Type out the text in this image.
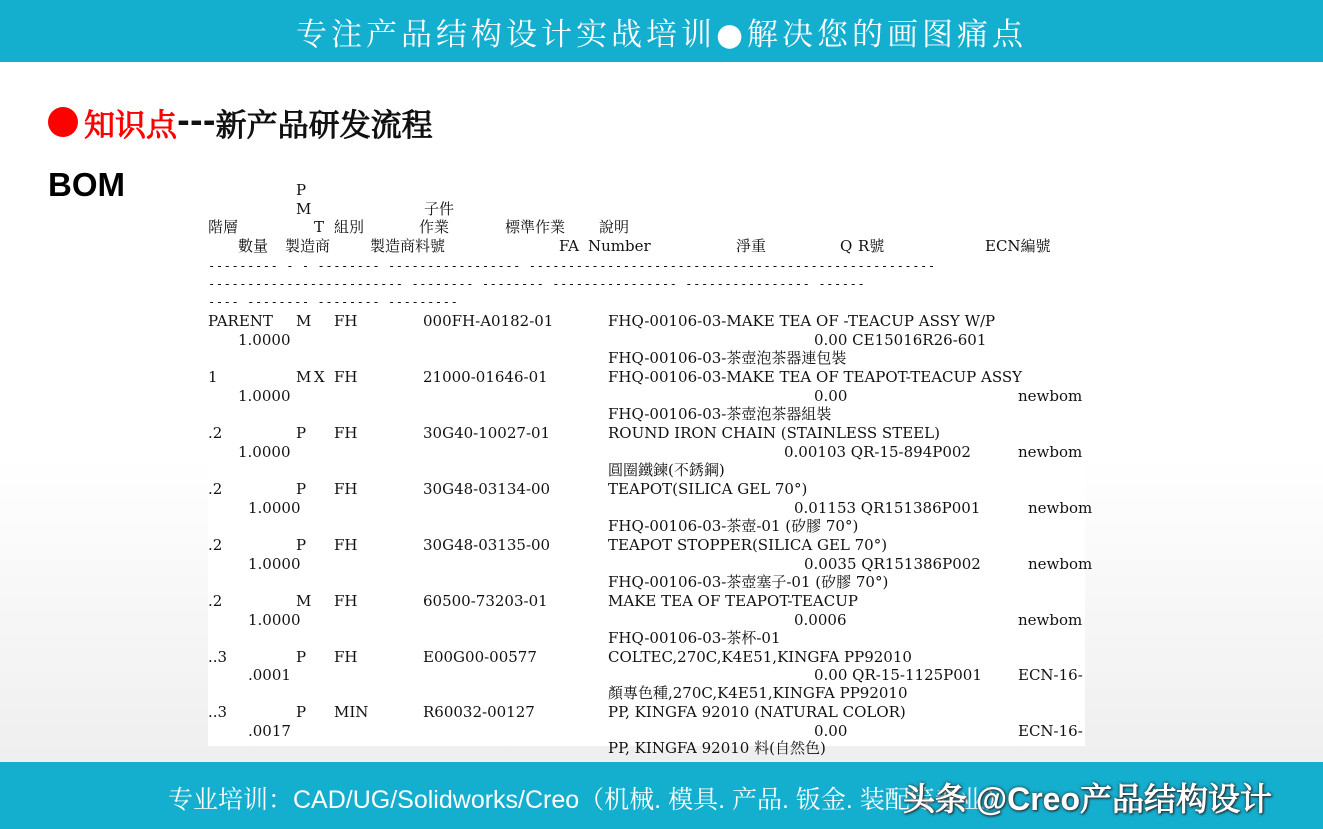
专注产品结构设计实战培训●解决您的画图痛点
知识点 --- 新产品研发流程
BOM	P
M	子件
作業
階層	T 組別	標準作業 說明
數量 製造商	製造商料號	FA Number	淨重	Q R號	ECN編號
--------- - - -------- ----------------- ----------------------------------------------------
------------------------- -------- -------- ---------------- ---------------- ------
---- -------- -------- ---------
PARENT M FH	000FH-A0182-01	FHQ-00106-03-MAKE TEA OF -TEACUP ASSY W/P
1.0000	0.00 CE15016R26-601
FHQ-00106-03-茶壺泡茶器連包裝
1	M X FH	21000-01646-01	FHQ-00106-03-MAKE TEA OF TEAPOT-TEACUP ASSY
1.0000	0.00	newbom
FHQ-00106-03-茶壺泡茶器組裝
.2	P FH	30G40-10027-01	ROUND IRON CHAIN (STAINLESS STEEL)
1.0000	0.00103 QR-15-894P002	newbom
圓圈鐵鍊(不銹鋼)
.2	P FH	30G48-03134-00	TEAPOT(SILICA GEL 70°)
1.0000	0.01153 QR151386P001	newbom
FHQ-00106-03-茶壺-01 (矽膠 70°)
.2	P FH	30G48-03135-00	TEAPOT STOPPER(SILICA GEL 70°)
1.0000	0.0035 QR151386P002	newbom
FHQ-00106-03-茶壺塞子-01 (矽膠 70°)
.2	M FH	60500-73203-01	MAKE TEA OF TEAPOT-TEACUP
1.0000	0.0006	newbom
FHQ-00106-03-茶杯-01
..3	P FH	E00G00-00577	COLTEC,270C,K4E51,KINGFA PP92010
.0001	0.00 QR-15-1125P001 ECN-16-
顏專色種,270C,K4E51,KINGFA PP92010
..3	P MIN	R60032-00127	PP, KINGFA 92010 (NATURAL COLOR)
.0017	0.00	ECN-16-
PP, KINGFA 92010 料(自然色)
专业培训：CAD/UG/Solidworks/Creo（机械. 模具. 产品. 钣金. 装配等专业）
头条 @Creo产品结构设计
